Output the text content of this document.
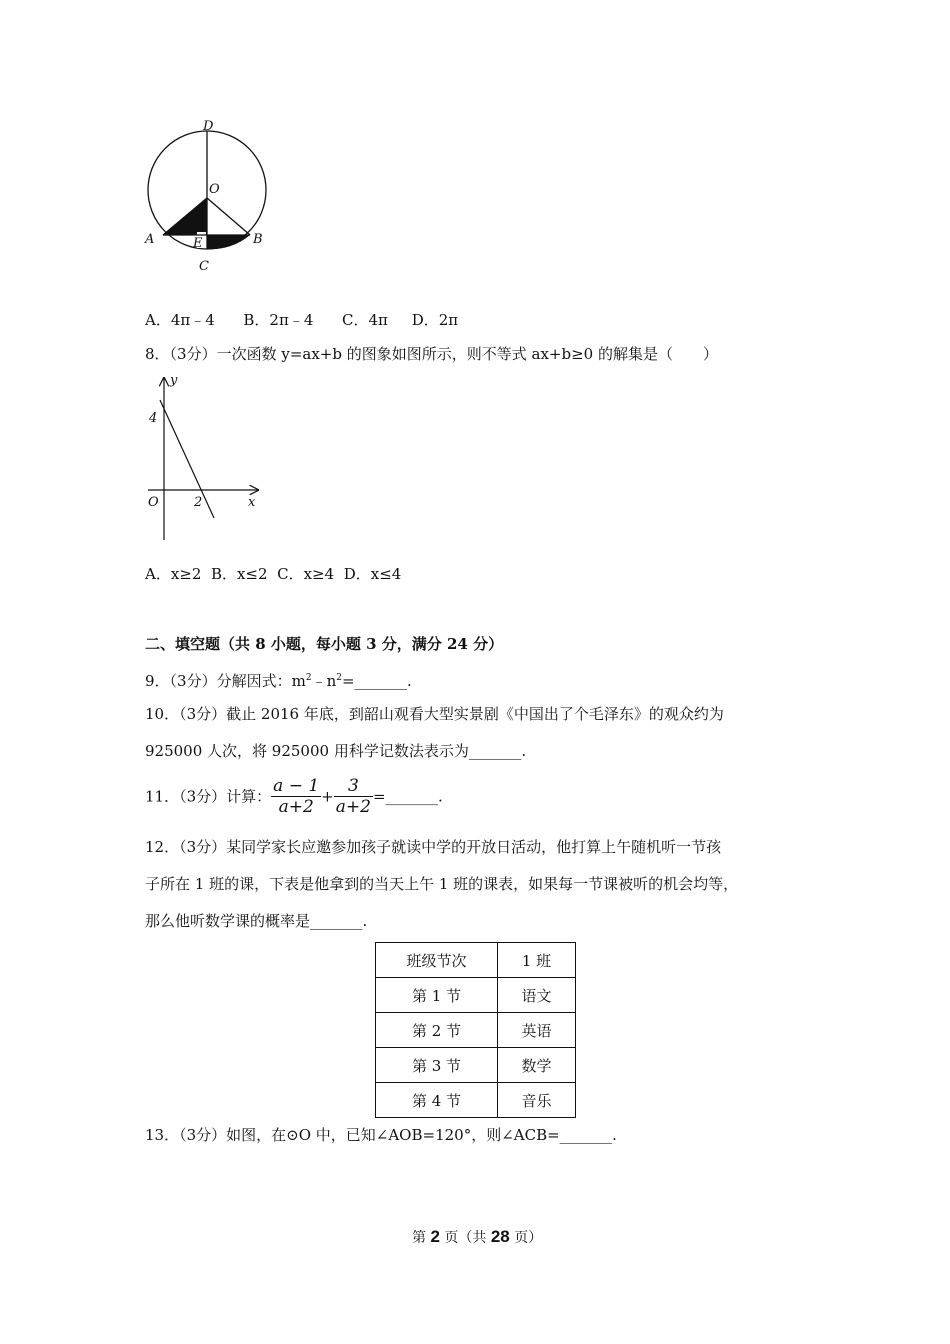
D
O
A	E	B
C
A．4π﹣4 B．2π﹣4 C．4π D．2π
8．（3分）一次函数 y=ax+b 的图象如图所示，则不等式 ax+b≥0 的解集是（　　）
y
x
O
4
2
A．x≥2 B．x≤2 C．x≥4 D．x≤4
二、填空题（共 8 小题，每小题 3 分，满分 24 分）
9．（3分）分解因式：$m^2﹣n^2=\_\_\_\_\_\_\_$.
10．（3分）截止 2016 年底，到韶山观看大型实景剧《中国出了个毛泽东》的观众约为
925000 人次，将 925000 用科学记数法表示为_______.
11．（3分）计算： $\frac{a - 1}{a+2} + \frac{3}{a+2}$ =_______.
12．（3分）某同学家长应邀参加孩子就读中学的开放日活动，他打算上午随机听一节孩
子所在 1 班的课，下表是他拿到的当天上午 1 班的课表，如果每一节课被听的机会均等，
那么他听数学课的概率是_______.
班级节次	1 班
第 1 节	语文
第 2 节	英语
第 3 节	数学
第 4 节	音乐
13．（3分）如图，在⊙O 中，已知∠AOB=120°，则∠ACB=_______.
第 2 页（共 28 页）
